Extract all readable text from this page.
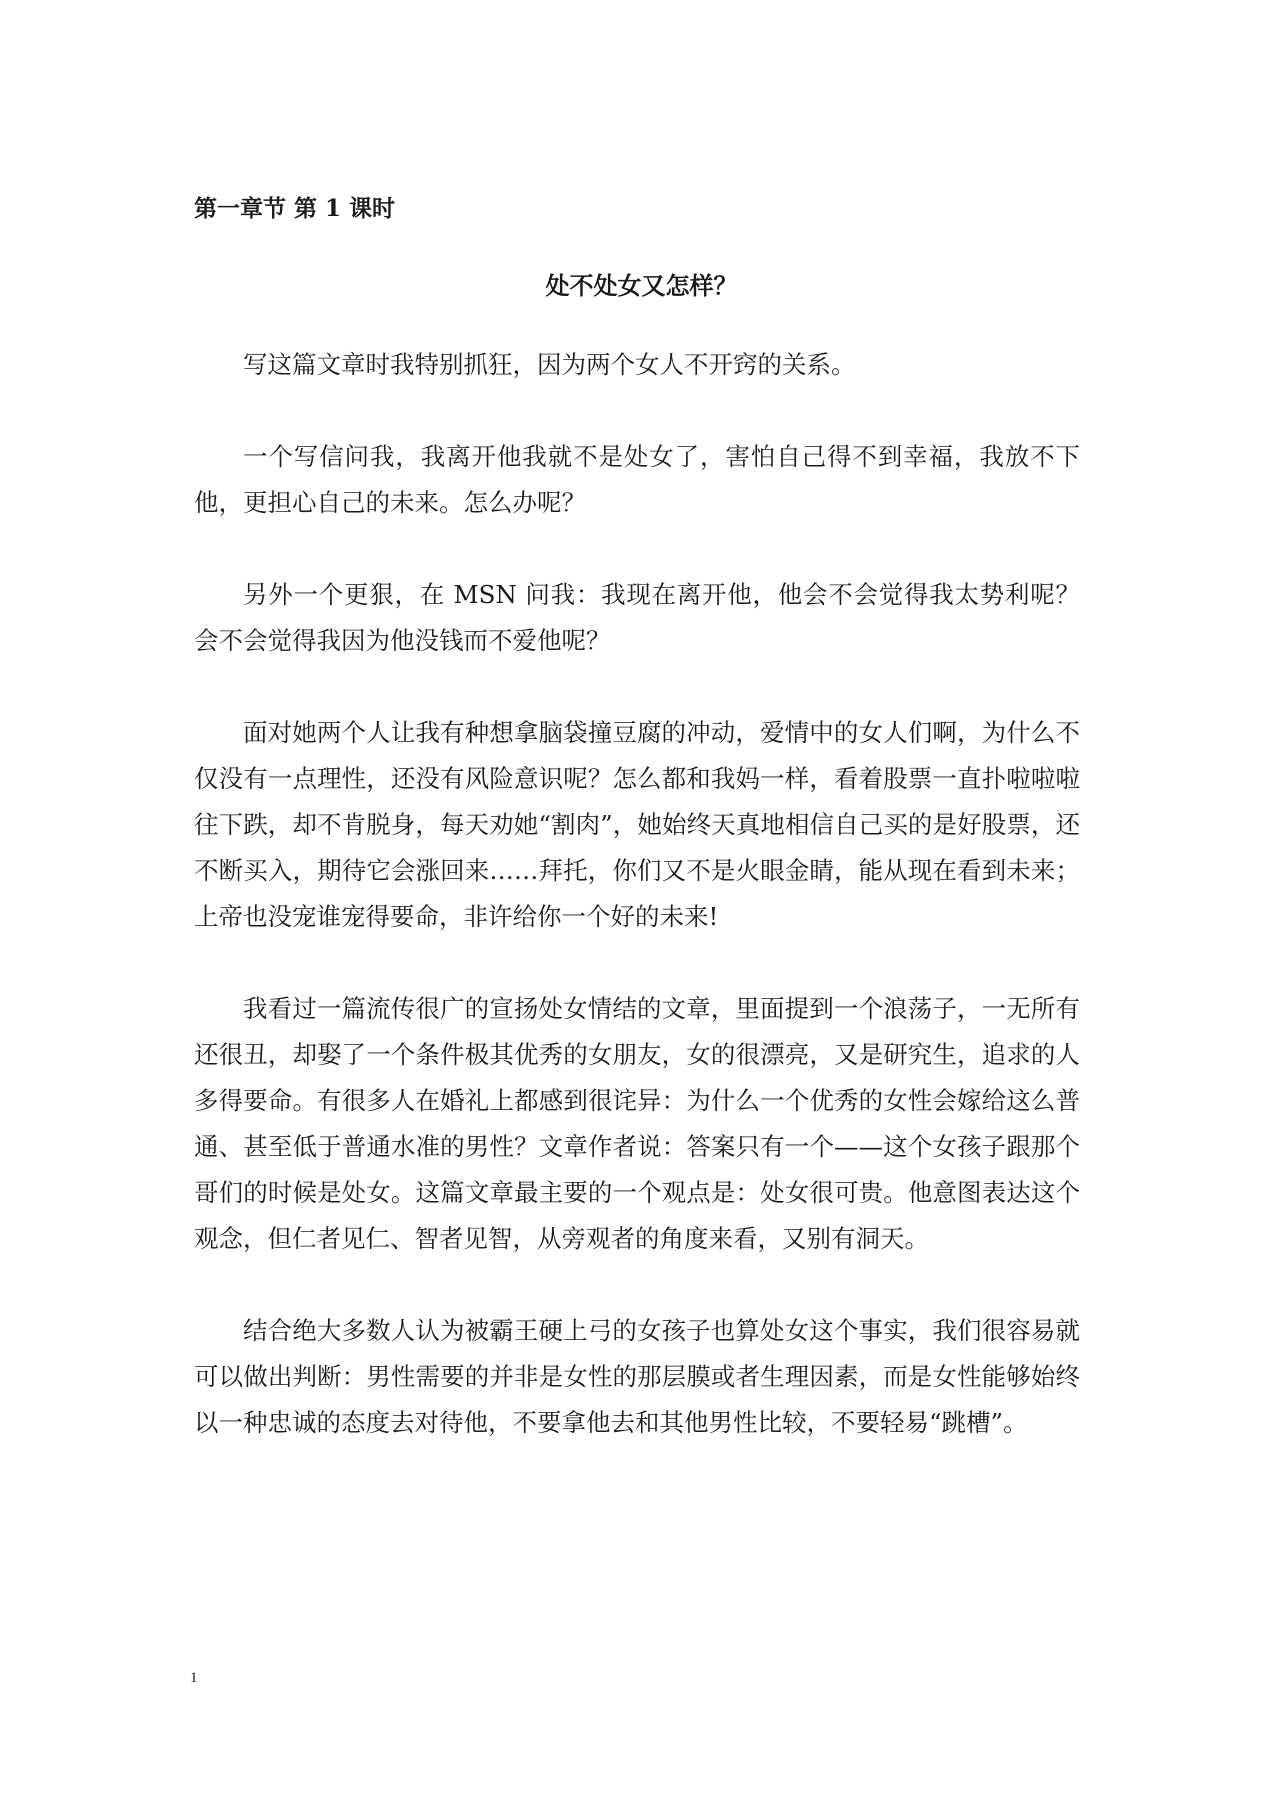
第一章节 第 1 课时
处不处女又怎样？

写这篇文章时我特别抓狂，因为两个女人不开窍的关系。

一个写信问我，我离开他我就不是处女了，害怕自己得不到幸福，我放不下他，更担心自己的未来。怎么办呢？

另外一个更狠，在 MSN 问我：我现在离开他，他会不会觉得我太势利呢？会不会觉得我因为他没钱而不爱他呢？

面对她两个人让我有种想拿脑袋撞豆腐的冲动，爱情中的女人们啊，为什么不仅没有一点理性，还没有风险意识呢？怎么都和我妈一样，看着股票一直扑啦啦啦往下跌，却不肯脱身，每天劝她“割肉”，她始终天真地相信自己买的是好股票，还不断买入，期待它会涨回来……拜托，你们又不是火眼金睛，能从现在看到未来；上帝也没宠谁宠得要命，非许给你一个好的未来!

我看过一篇流传很广的宣扬处女情结的文章，里面提到一个浪荡子，一无所有还很丑，却娶了一个条件极其优秀的女朋友，女的很漂亮，又是研究生，追求的人多得要命。有很多人在婚礼上都感到很诧异：为什么一个优秀的女性会嫁给这么普通、甚至低于普通水准的男性？文章作者说：答案只有一个——这个女孩子跟那个哥们的时候是处女。这篇文章最主要的一个观点是：处女很可贵。他意图表达这个观念，但仁者见仁、智者见智，从旁观者的角度来看，又别有洞天。

结合绝大多数人认为被霸王硬上弓的女孩子也算处女这个事实，我们很容易就可以做出判断：男性需要的并非是女性的那层膜或者生理因素，而是女性能够始终以一种忠诚的态度去对待他，不要拿他去和其他男性比较，不要轻易“跳槽”。

1
